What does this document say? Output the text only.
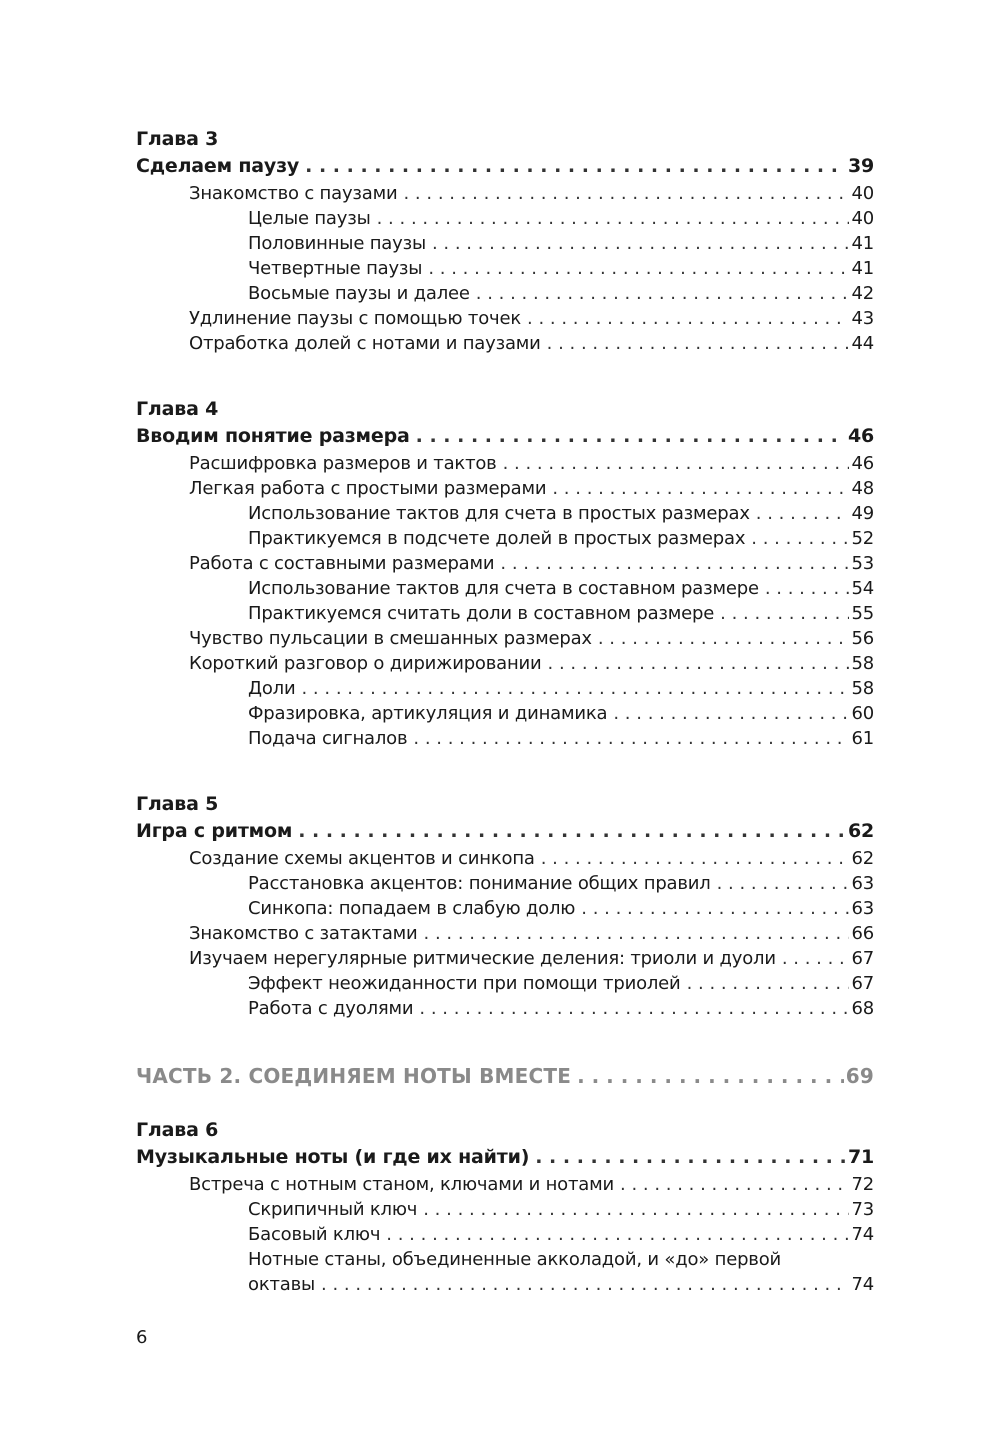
Глава 3
Сделаем паузу . . .	39
Знакомство с паузами . . .	40
Целые паузы . . .	40
Половинные паузы . . .	41
Четвертные паузы . . .	41
Восьмые паузы и далее . . .	42
Удлинение паузы с помощью точек . . .	43
Отработка долей с нотами и паузами . . .	44
Глава 4
Вводим понятие размера . . .	46
Расшифровка размеров и тактов . . .	46
Легкая работа с простыми размерами . . .	48
Использование тактов для счета в простых размерах . . .	49
Практикуемся в подсчете долей в простых размерах . . .	52
Работа с составными размерами . . .	53
Использование тактов для счета в составном размере . . .	54
Практикуемся считать доли в составном размере . . .	55
Чувство пульсации в смешанных размерах . . .	56
Короткий разговор о дирижировании . . .	58
Доли . . .	58
Фразировка, артикуляция и динамика . . .	60
Подача сигналов . . .	61
Глава 5
Игра с ритмом . . .	62
Создание схемы акцентов и синкопа . . .	62
Расстановка акцентов: понимание общих правил . . .	63
Синкопа: попадаем в слабую долю . . .	63
Знакомство с затактами . . .	66
Изучаем нерегулярные ритмические деления: триоли и дуоли . . .	67
Эффект неожиданности при помощи триолей . . .	67
Работа с дуолями . . .	68
ЧАСТЬ 2. СОЕДИНЯЕМ НОТЫ ВМЕСТЕ . . .	69
Глава 6
Музыкальные ноты (и где их найти) . . .	71
Встреча с нотным станом, ключами и нотами . . .	72
Скрипичный ключ . . .	73
Басовый ключ . . .	74
Нотные станы, объединенные акколадой, и «до» первой
октавы . . .	74
6
